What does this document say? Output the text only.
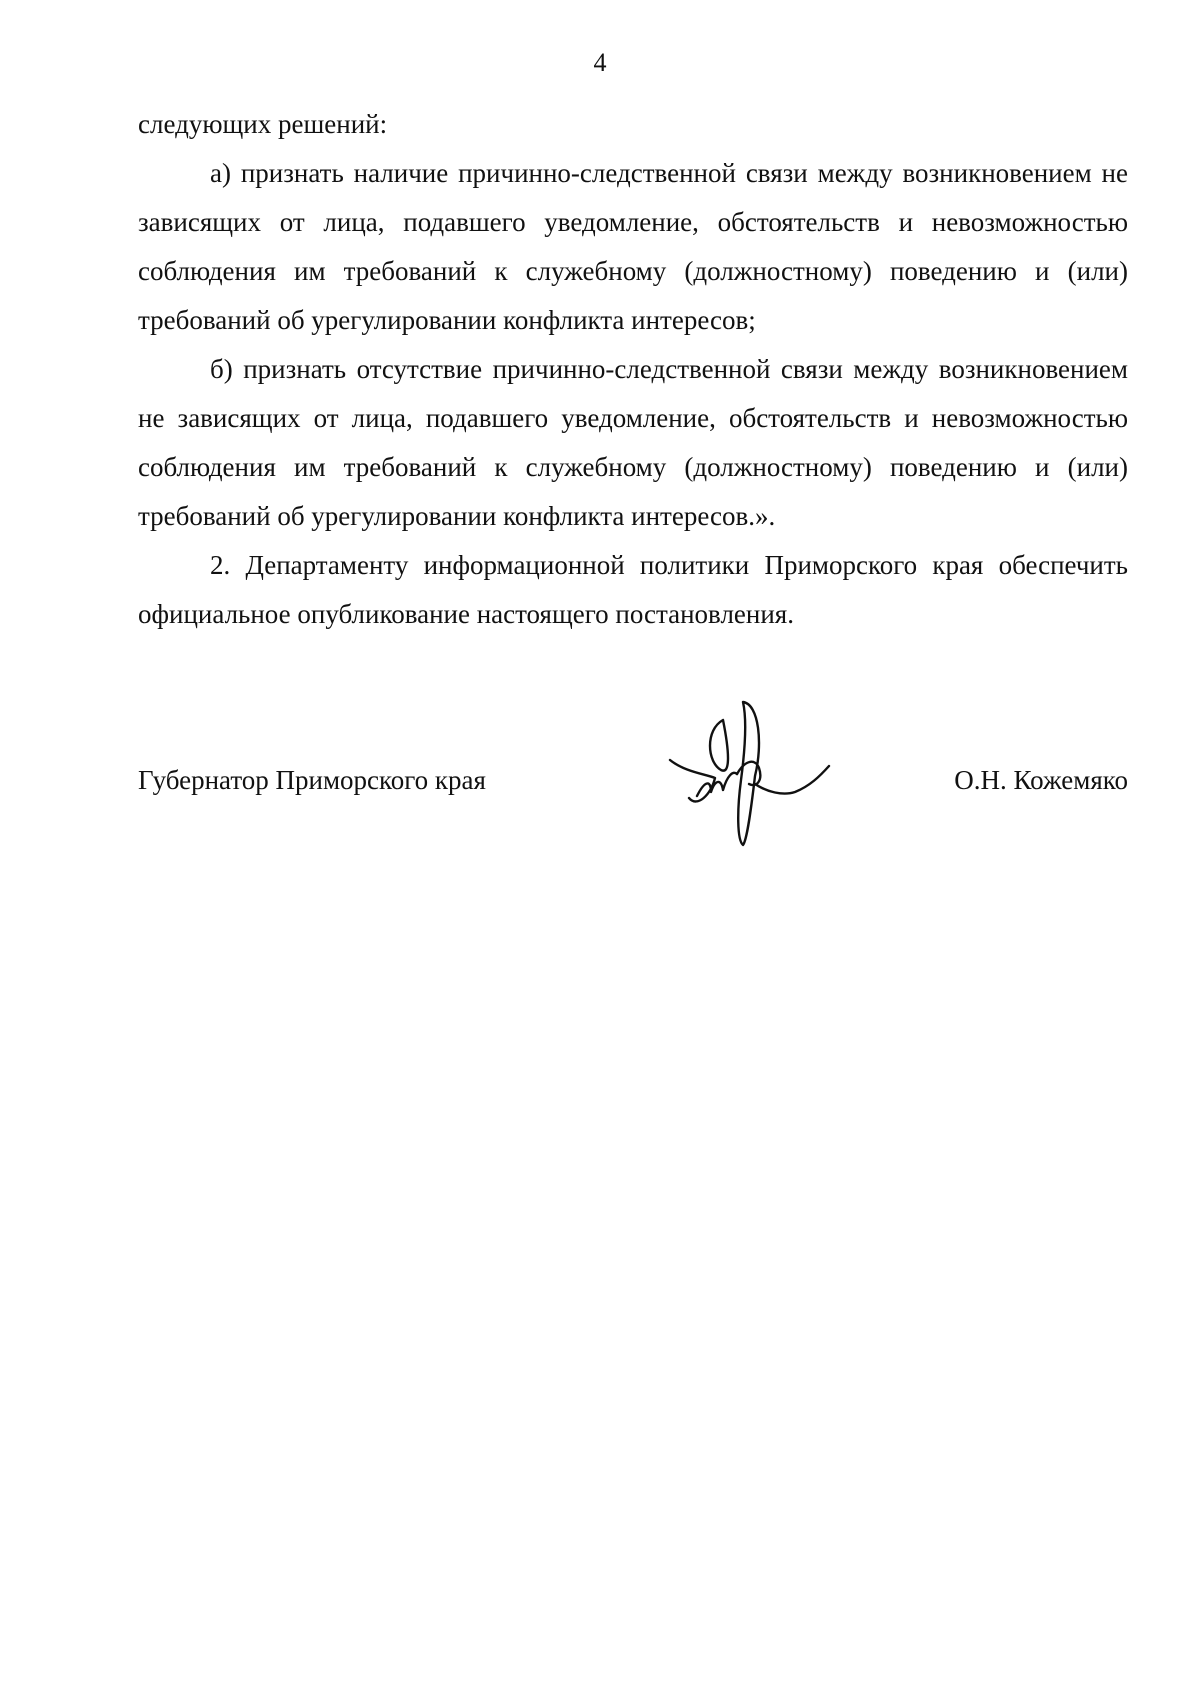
4

следующих решений:

а) признать наличие причинно-следственной связи между возникновением не зависящих от лица, подавшего уведомление, обстоятельств и невозможностью соблюдения им требований к служебному (должностному) поведению и (или) требований об урегулировании конфликта интересов;

б) признать отсутствие причинно-следственной связи между возникновением не зависящих от лица, подавшего уведомление, обстоятельств и невозможностью соблюдения им требований к служебному (должностному) поведению и (или) требований об урегулировании конфликта интересов.».

2. Департаменту информационной политики Приморского края обеспечить официальное опубликование настоящего постановления.

Губернатор Приморского края	О.Н. Кожемяко
